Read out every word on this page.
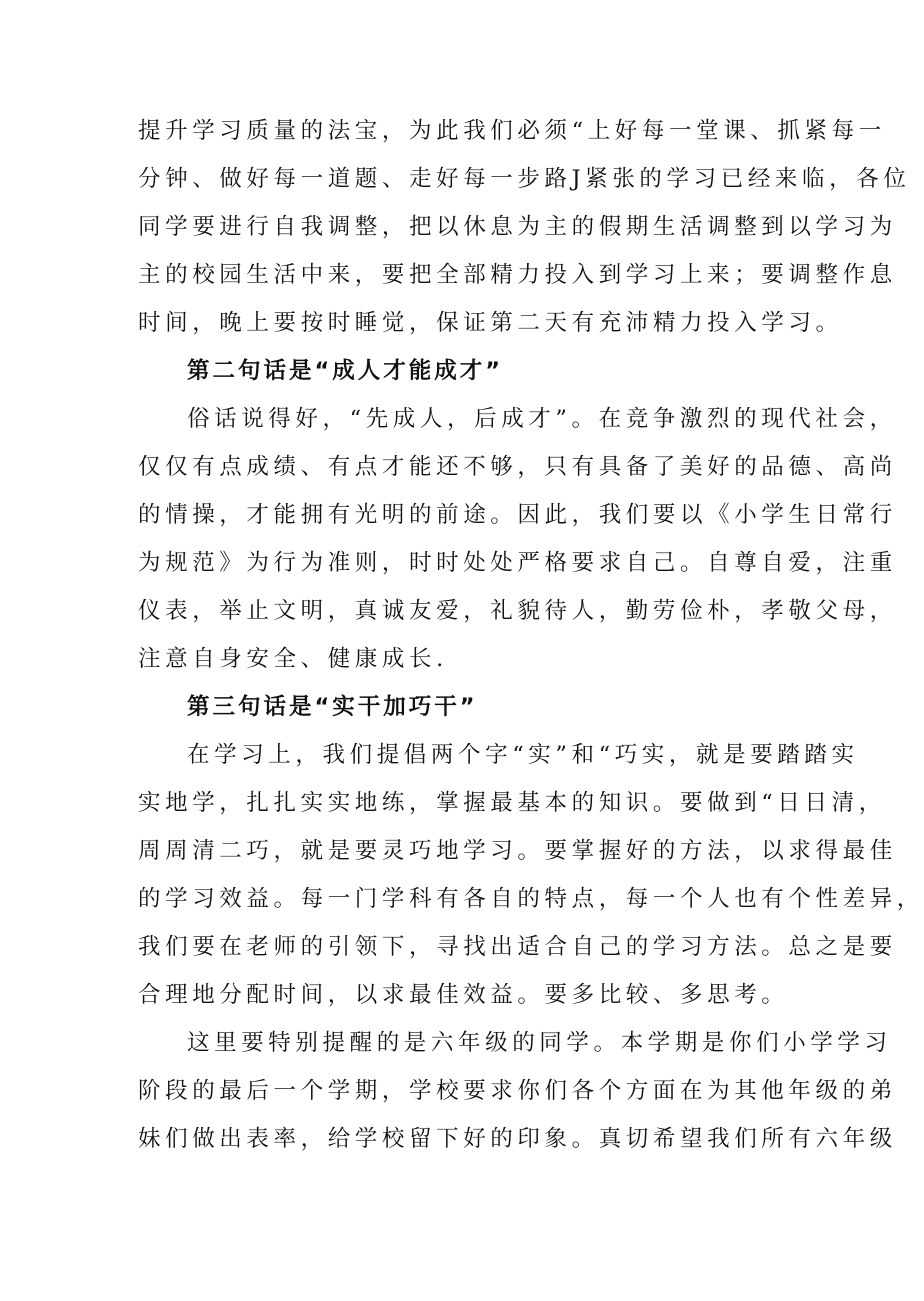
提升学习质量的法宝，为此我们必须“上好每一堂课、抓紧每一
分钟、做好每一道题、走好每一步路J紧张的学习已经来临，各位
同学要进行自我调整，把以休息为主的假期生活调整到以学习为
主的校园生活中来，要把全部精力投入到学习上来；要调整作息
时间，晚上要按时睡觉，保证第二天有充沛精力投入学习。
第二句话是“成人才能成才”
俗话说得好，“先成人，后成才”。在竞争激烈的现代社会，
仅仅有点成绩、有点才能还不够，只有具备了美好的品德、高尚
的情操，才能拥有光明的前途。因此，我们要以《小学生日常行
为规范》为行为准则，时时处处严格要求自己。自尊自爱，注重
仪表，举止文明，真诚友爱，礼貌待人，勤劳俭朴，孝敬父母，
注意自身安全、健康成长.
第三句话是“实干加巧干”
在学习上，我们提倡两个字“实”和“巧实，就是要踏踏实
实地学，扎扎实实地练，掌握最基本的知识。要做到“日日清，
周周清二巧，就是要灵巧地学习。要掌握好的方法，以求得最佳
的学习效益。每一门学科有各自的特点，每一个人也有个性差异，
我们要在老师的引领下，寻找出适合自己的学习方法。总之是要
合理地分配时间，以求最佳效益。要多比较、多思考。
这里要特别提醒的是六年级的同学。本学期是你们小学学习
阶段的最后一个学期，学校要求你们各个方面在为其他年级的弟
妹们做出表率，给学校留下好的印象。真切希望我们所有六年级
